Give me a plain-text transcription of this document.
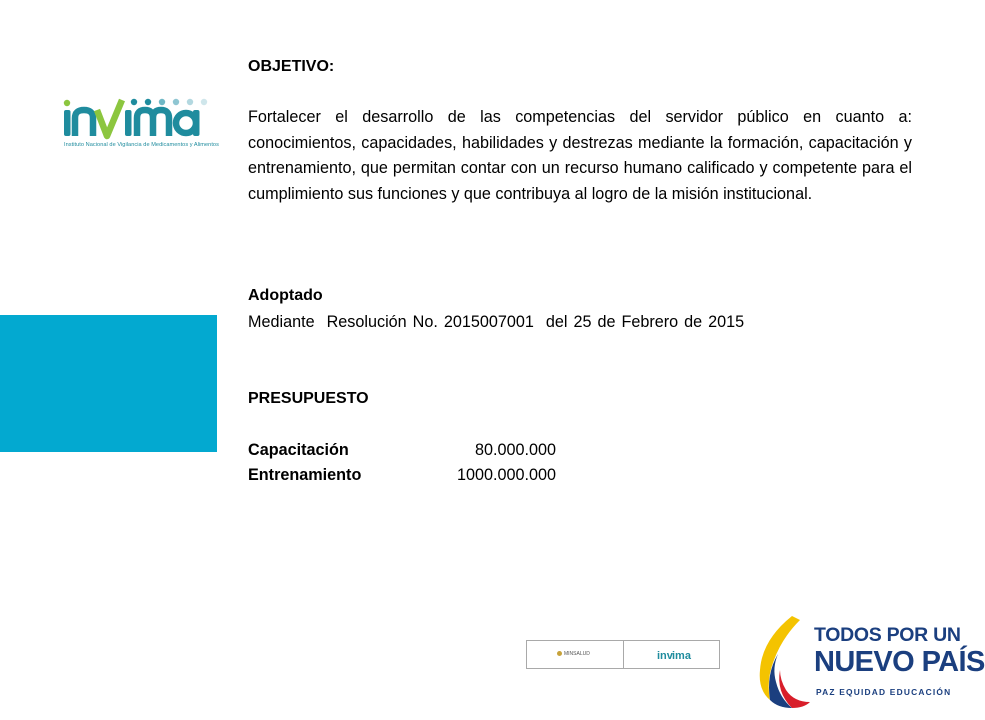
Instituto Nacional de Vigilancia de Medicamentos y Alimentos
OBJETIVO:
Fortalecer el desarrollo de las competencias del servidor público en cuanto a: conocimientos, capacidades, habilidades y destrezas mediante la formación, capacitación y entrenamiento, que permitan contar con un recurso humano calificado y competente para el cumplimiento sus funciones y que contribuya al logro de la misión institucional.
Adoptado
Mediante  Resolución No. 2015007001  del 25 de Febrero de 2015
PRESUPUESTO
Capacitación	80.000.000
Entrenamiento	1000.000.000
MINSALUD	inv ima
TODOS POR UN
NUEVO PAÍS
PAZ EQUIDAD EDUCACIÓN
